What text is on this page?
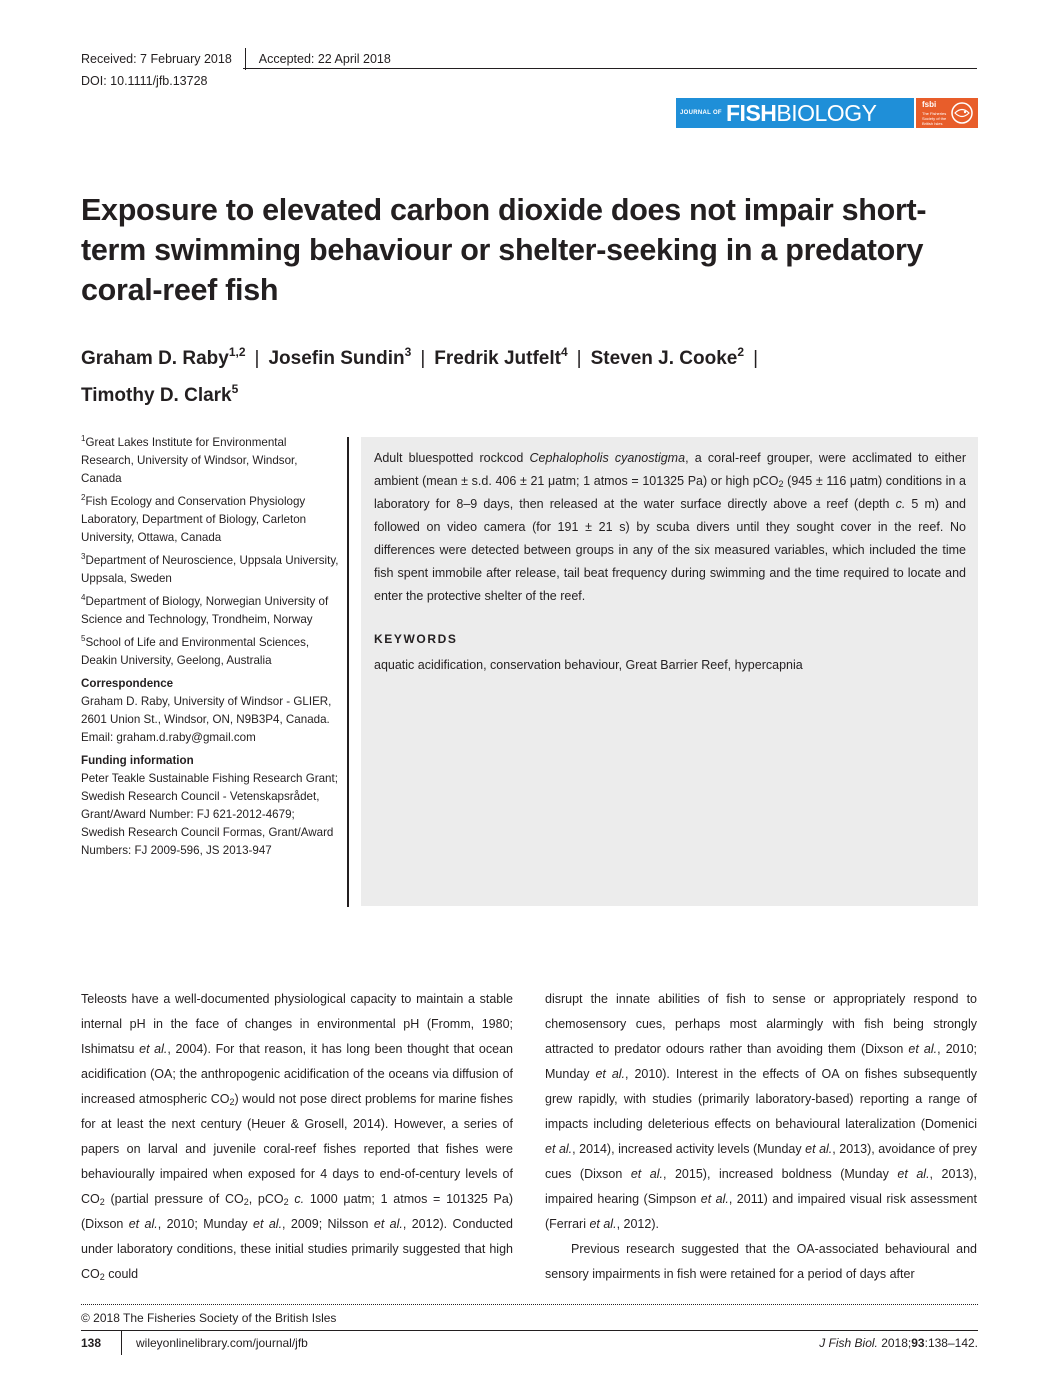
Received: 7 February 2018 Accepted: 22 April 2018
DOI: 10.1111/jfb.13728
JOURNAL OF FISH BIOLOGY	fsbi
The Fisheries Society of the British Isles
Exposure to elevated carbon dioxide does not impair short-term swimming behaviour or shelter-seeking in a predatory coral-reef fish
Graham D. Raby$^{1,2}$ | Josefin Sundin$^3$ | Fredrik Jutfelt$^4$ | Steven J. Cooke$^2$ |
Timothy D. Clark$^5$

$^1$Great Lakes Institute for Environmental Research, University of Windsor, Windsor, Canada

$^2$Fish Ecology and Conservation Physiology Laboratory, Department of Biology, Carleton University, Ottawa, Canada

$^3$Department of Neuroscience, Uppsala University, Uppsala, Sweden

$^4$Department of Biology, Norwegian University of Science and Technology, Trondheim, Norway

$^5$School of Life and Environmental Sciences, Deakin University, Geelong, Australia

Correspondence
Graham D. Raby, University of Windsor - GLIER, 2601 Union St., Windsor, ON, N9B3P4, Canada.
Email: graham.d.raby@gmail.com
Funding information
Peter Teakle Sustainable Fishing Research Grant; Swedish Research Council - Vetenskapsrådet, Grant/Award Number: FJ 621-2012-4679; Swedish Research Council Formas, Grant/Award Numbers: FJ 2009-596, JS 2013-947

Adult bluespotted rockcod Cephalopholis cyanostigma, a coral-reef grouper, were acclimated to either ambient (mean ± s.d. 406 ± 21 μatm; 1 atmos = 101325 Pa) or high pCO$_2$ (945 ± 116 μatm) conditions in a laboratory for 8–9 days, then released at the water surface directly above a reef (depth c. 5 m) and followed on video camera (for 191 ± 21 s) by scuba divers until they sought cover in the reef. No differences were detected between groups in any of the six measured variables, which included the time fish spent immobile after release, tail beat frequency during swimming and the time required to locate and enter the protective shelter of the reef.

KEYWORDS
aquatic acidification, conservation behaviour, Great Barrier Reef, hypercapnia

Teleosts have a well-documented physiological capacity to maintain a stable internal pH in the face of changes in environmental pH (Fromm, 1980; Ishimatsu et al., 2004). For that reason, it has long been thought that ocean acidification (OA; the anthropogenic acidification of the oceans via diffusion of increased atmospheric $CO_2$) would not pose direct problems for marine fishes for at least the next century (Heuer & Grosell, 2014). However, a series of papers on larval and juvenile coral-reef fishes reported that fishes were behaviourally impaired when exposed for 4 days to end-of-century levels of $CO_2$ (partial pressure of $CO_2$, pCO$_2$ c. 1000 μatm; 1 atmos = 101325 Pa) (Dixson et al., 2010; Munday et al., 2009; Nilsson et al., 2012). Conducted under laboratory conditions, these initial studies primarily suggested that high $CO_2$ could

disrupt the innate abilities of fish to sense or appropriately respond to chemosensory cues, perhaps most alarmingly with fish being strongly attracted to predator odours rather than avoiding them (Dixson et al., 2010; Munday et al., 2010). Interest in the effects of OA on fishes subsequently grew rapidly, with studies (primarily laboratory-based) reporting a range of impacts including deleterious effects on behavioural lateralization (Domenici et al., 2014), increased activity levels (Munday et al., 2013), avoidance of prey cues (Dixson et al., 2015), increased boldness (Munday et al., 2013), impaired hearing (Simpson et al., 2011) and impaired visual risk assessment (Ferrari et al., 2012).
Previous research suggested that the OA-associated behavioural and sensory impairments in fish were retained for a period of days after
© 2018 The Fisheries Society of the British Isles
138	wileyonlinelibrary.com/journal/jfb	J Fish Biol. 2018;93:138–142.
